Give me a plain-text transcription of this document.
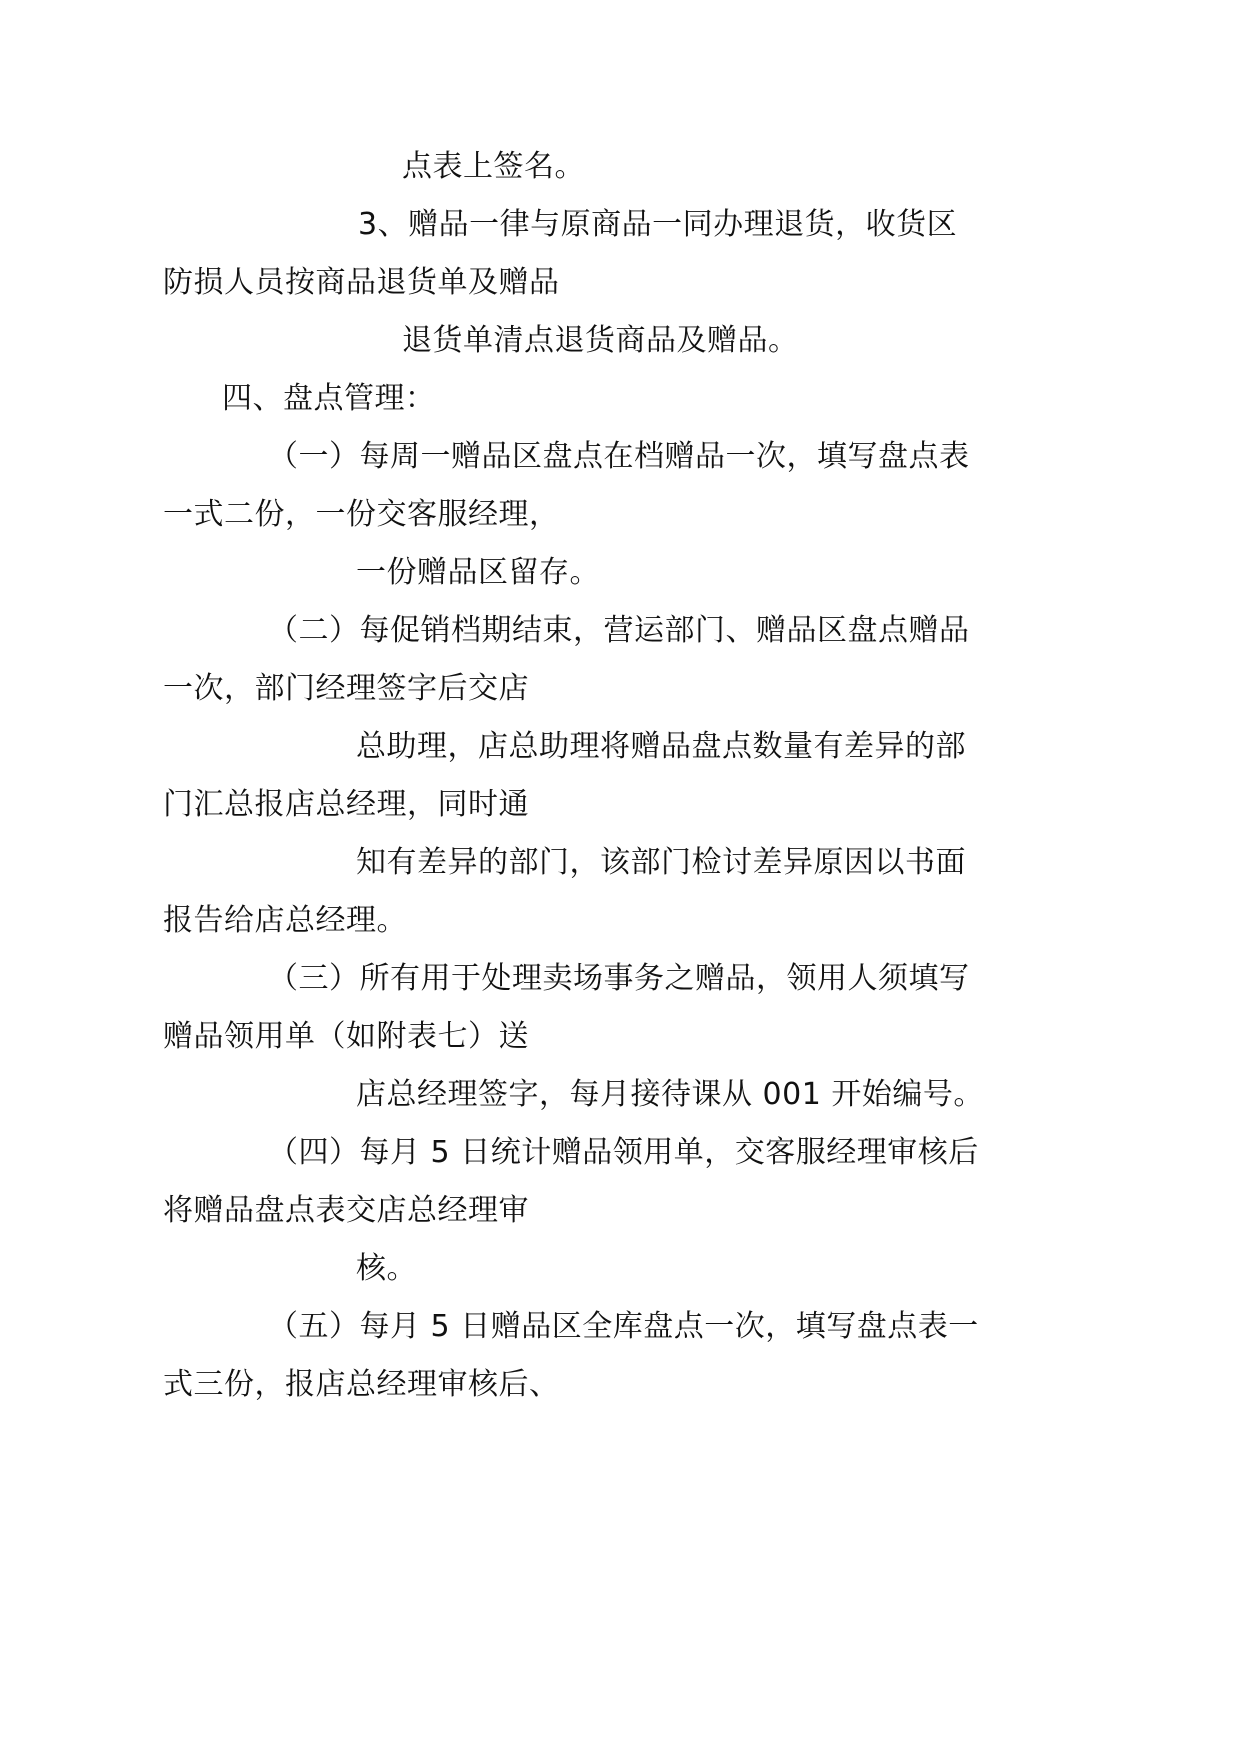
点表上签名。
3 、 赠 品 一 律 与 原 商 品 一 同 办 理 退 货 ， 收 货 区
防损人员按商品退货单及赠品
退货单清点退货商品及赠品。
四、盘点管理：
（ 一 ） 每 周 一 赠 品 区 盘 点 在 档 赠 品 一 次 ， 填 写 盘 点 表
一式二份，一份交客服经理，
一份赠品区留存。
（ 二 ） 每 促 销 档 期 结 束 ， 营 运 部 门 、 赠 品 区 盘 点 赠 品
一次，部门经理签字后交店
总 助 理 ， 店 总 助 理 将 赠 品 盘 点 数 量 有 差 异 的 部
门汇总报店总经理，同时通
知 有 差 异 的 部 门 ， 该 部 门 检 讨 差 异 原 因 以 书 面
报告给店总经理。
（ 三 ） 所 有 用 于 处 理 卖 场 事 务 之 赠 品 ， 领 用 人 须 填 写
赠品领用单（如附表七）送
店总经理签字，每月接待课从 001 开始编号。
（ 四 ） 每 月
5
日 统 计 赠 品 领 用 单 ， 交 客 服 经 理 审 核 后
将赠品盘点表交店总经理审
核。
（ 五 ） 每 月
5
日 赠 品 区 全 库 盘 点 一 次 ， 填 写 盘 点 表 一
式三份，报店总经理审核后、
